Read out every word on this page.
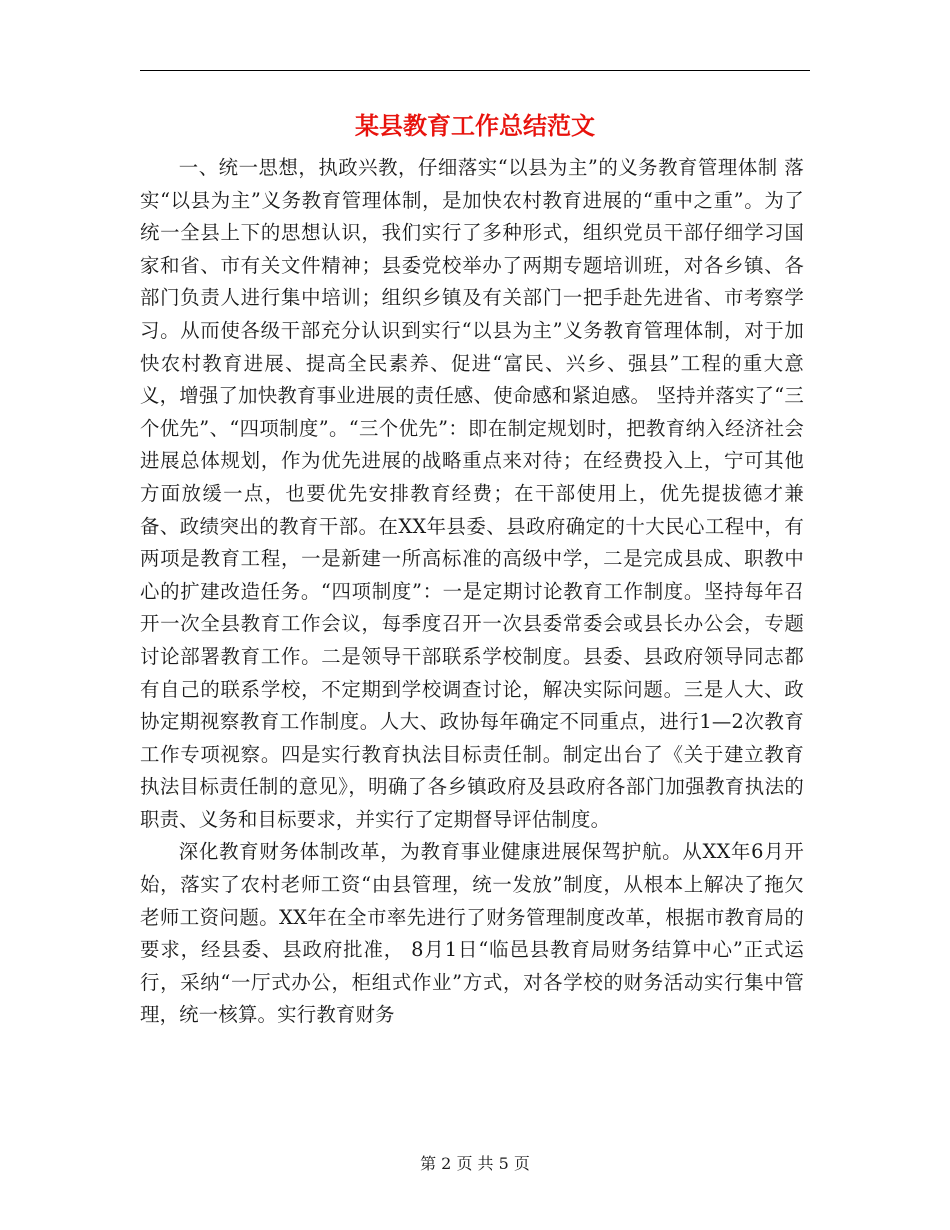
某县教育工作总结范文

一、统一思想，执政兴教，仔细落实“以县为主”的义务教育管理体制 落实“以县为主”义务教育管理体制，是加快农村教育进展的“重中之重”。为了统一全县上下的思想认识，我们实行了多种形式，组织党员干部仔细学习国家和省、市有关文件精神；县委党校举办了两期专题培训班，对各乡镇、各部门负责人进行集中培训；组织乡镇及有关部门一把手赴先进省、市考察学习。从而使各级干部充分认识到实行“以县为主”义务教育管理体制，对于加快农村教育进展、提高全民素养、促进“富民、兴乡、强县”工程的重大意义，增强了加快教育事业进展的责任感、使命感和紧迫感。 坚持并落实了“三个优先”、“四项制度”。“三个优先”：即在制定规划时，把教育纳入经济社会进展总体规划，作为优先进展的战略重点来对待；在经费投入上，宁可其他方面放缓一点，也要优先安排教育经费；在干部使用上，优先提拔德才兼备、政绩突出的教育干部。在XX年县委、县政府确定的十大民心工程中，有两项是教育工程，一是新建一所高标准的高级中学，二是完成县成、职教中心的扩建改造任务。“四项制度”：一是定期讨论教育工作制度。坚持每年召开一次全县教育工作会议，每季度召开一次县委常委会或县长办公会，专题讨论部署教育工作。二是领导干部联系学校制度。县委、县政府领导同志都有自己的联系学校，不定期到学校调查讨论，解决实际问题。三是人大、政协定期视察教育工作制度。人大、政协每年确定不同重点，进行1—2次教育工作专项视察。四是实行教育执法目标责任制。制定出台了《关于建立教育执法目标责任制的意见》，明确了各乡镇政府及县政府各部门加强教育执法的职责、义务和目标要求，并实行了定期督导评估制度。

深化教育财务体制改革，为教育事业健康进展保驾护航。从XX年6月开始，落实了农村老师工资“由县管理，统一发放”制度，从根本上解决了拖欠老师工资问题。XX年在全市率先进行了财务管理制度改革，根据市教育局的要求，经县委、县政府批准， 8月1日“临邑县教育局财务结算中心”正式运行，采纳“一厅式办公，柜组式作业”方式，对各学校的财务活动实行集中管理，统一核算。实行教育财务

第 2 页 共 5 页
